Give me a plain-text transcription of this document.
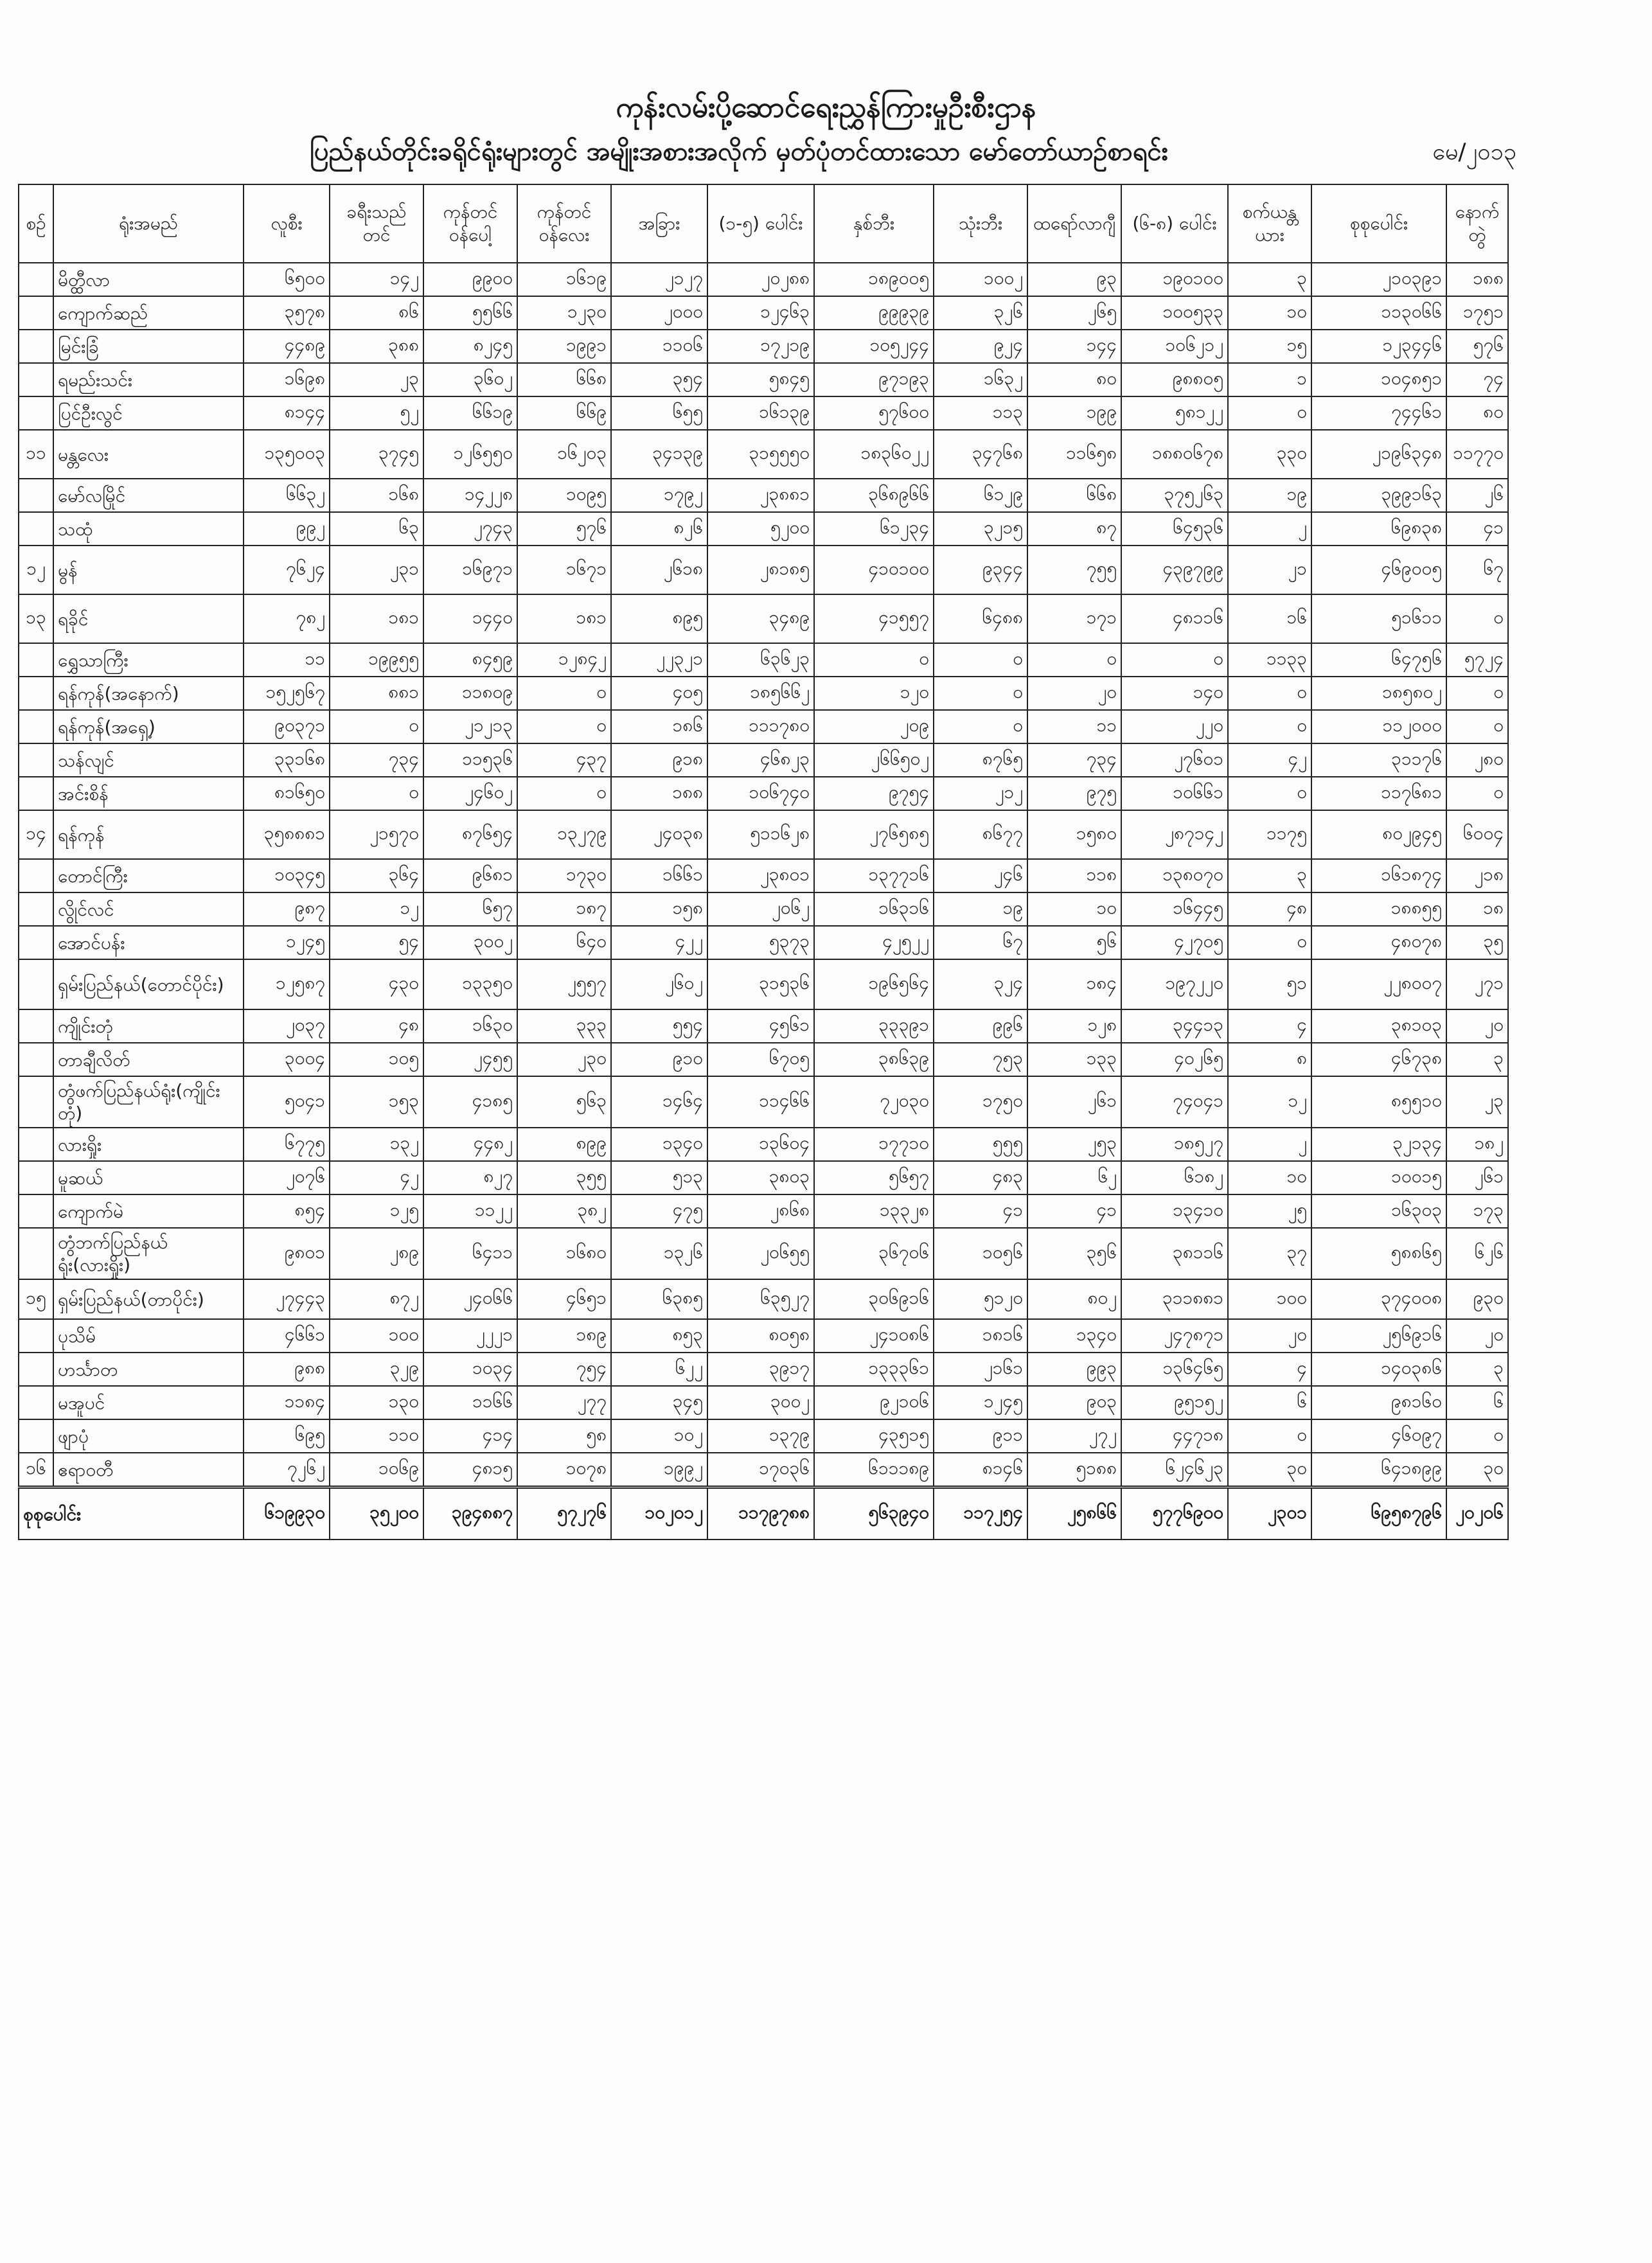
ကုန်းလမ်းပို့ဆောင်ရေးညွှန်ကြားမှုဦးစီးဌာန
ပြည်နယ်တိုင်းခရိုင်ရုံးများတွင် အမျိုးအစားအလိုက် မှတ်ပုံတင်ထားသော မော်တော်ယာဉ်စာရင်း	မေ/၂၀၁၃
စဉ်	ရုံးအမည်	လူစီး	ခရီးသည်တင်	ကုန်တင်ဝန်ပေါ့	ကုန်တင်ဝန်လေး	အခြား	(၁-၅) ပေါင်း	နှစ်ဘီး	သုံးဘီး	ထရော်လာဂျီ	(၆-၈) ပေါင်း	စက်ယန္တယား	စုစုပေါင်း	နောက်တွဲ
	မိတ္ထီလာ	၆၅၀၀	၁၄၂	၉၉၀၀	၁၆၁၉	၂၁၂၇	၂၀၂၈၈	၁၈၉၀၀၅	၁၀၀၂	၉၃	၁၉၀၁၀၀	၃	၂၁၀၃၉၁	၁၈၈
	ကျောက်ဆည်	၃၅၇၈	၈၆	၅၅၆၆	၁၂၃၀	၂၀၀၀	၁၂၄၆၃	၉၉၉၃၉	၃၂၆	၂၆၅	၁၀၀၅၃၃	၁၀	၁၁၃၀၆၆	၁၇၅၁
	မြင်းခြံ	၄၄၈၉	၃၈၈	၈၂၄၅	၁၉၉၁	၁၁၀၆	၁၇၂၁၉	၁၀၅၂၄၄	၉၂၄	၁၄၄	၁၀၆၂၁၂	၁၅	၁၂၃၄၄၆	၅၇၆
	ရမည်းသင်း	၁၆၉၈	၂၃	၃၆၀၂	၆၆၈	၃၅၄	၅၈၄၅	၉၇၁၉၃	၁၆၃၂	၈၀	၉၈၈၀၅	၁	၁၀၄၈၅၁	၇၄
	ပြင်ဦးလွင်	၈၁၄၄	၅၂	၆၆၁၉	၆၆၉	၆၅၅	၁၆၁၃၉	၅၇၆၀၀	၁၁၃	၁၉၉	၅၈၁၂၂	၀	၇၄၄၆၁	၈၀
၁၁	မန္တလေး	၁၃၅၀၀၃	၃၇၄၅	၁၂၆၅၅၀	၁၆၂၀၃	၃၄၁၃၉	၃၁၅၅၅၀	၁၈၃၆၀၂၂	၃၄၇၆၈	၁၁၆၅၈	၁၈၈၀၆၇၈	၃၃၀	၂၁၉၆၃၄၈	၁၁၇၇၀
	မော်လမြိုင်	၆၆၃၂	၁၆၈	၁၄၂၂၈	၁၀၉၅	၁၇၉၂	၂၃၈၈၁	၃၆၈၉၆၆	၆၁၂၉	၆၆၈	၃၇၅၂၆၃	၁၉	၃၉၉၁၆၃	၂၆
	သထုံ	၉၉၂	၆၃	၂၇၄၃	၅၇၆	၈၂၆	၅၂၀၀	၆၁၂၃၄	၃၂၁၅	၈၇	၆၄၅၃၆	၂	၆၉၈၃၈	၄၁
၁၂	မွန်	၇၆၂၄	၂၃၁	၁၆၉၇၁	၁၆၇၁	၂၆၁၈	၂၈၁၈၅	၄၁၀၁၀၀	၉၃၄၄	၇၅၅	၄၃၉၇၉၉	၂၁	၄၆၉၀၀၅	၆၇
၁၃	ရခိုင်	၇၈၂	၁၈၁	၁၄၄၀	၁၈၁	၈၉၅	၃၄၈၉	၄၁၅၅၇	၆၄၈၈	၁၇၁	၄၈၁၁၆	၁၆	၅၁၆၁၁	၀
	ရွှေသာကြီး	၁၁	၁၉၉၅၅	၈၄၅၉	၁၂၈၄၂	၂၂၃၂၁	၆၃၆၂၃	၀	၀	၀	၀	၁၁၃၃	၆၄၇၅၆	၅၇၂၄
	ရန်ကုန်(အနောက်)	၁၅၂၅၆၇	၈၈၁	၁၁၈၀၉	၀	၄၀၅	၁၈၅၆၆၂	၁၂၀	၀	၂၀	၁၄၀	၀	၁၈၅၈၀၂	၀
	ရန်ကုန်(အရှေ့)	၉၀၃၇၁	၀	၂၁၂၁၃	၀	၁၈၆	၁၁၁၇၈၀	၂၀၉	၀	၁၁	၂၂၀	၀	၁၁၂၀၀၀	၀
	သန်လျင်	၃၃၁၆၈	၇၃၄	၁၁၅၃၆	၄၃၇	၉၁၈	၄၆၈၂၃	၂၆၆၅၀၂	၈၇၆၅	၇၃၄	၂၇၆၀၁	၄၂	၃၁၁၇၆	၂၈၀
	အင်းစိန်	၈၁၆၅၀	၀	၂၄၆၀၂	၀	၁၈၈	၁၀၆၇၄၀	၉၇၅၄	၂၁၂	၉၇၅	၁၀၆၆၁	၀	၁၁၇၆၈၁	၀
၁၄	ရန်ကုန်	၃၅၈၈၈၁	၂၁၅၇၀	၈၇၆၅၄	၁၃၂၇၉	၂၄၀၃၈	၅၁၁၆၂၈	၂၇၆၅၈၅	၈၆၇၇	၁၅၈၀	၂၈၇၁၄၂	၁၁၇၅	၈၀၂၉၄၅	၆၀၀၄
	တောင်ကြီး	၁၀၃၄၅	၃၆၄	၉၆၈၁	၁၇၃၀	၁၆၆၁	၂၃၈၀၁	၁၃၇၇၁၆	၂၄၆	၁၁၈	၁၃၈၀၇၀	၃	၁၆၁၈၇၄	၂၁၈
	လွိုင်လင်	၉၈၇	၁၂	၆၅၇	၁၈၇	၁၅၈	၂၀၆၂	၁၆၃၁၆	၁၉	၁၀	၁၆၄၄၅	၄၈	၁၈၈၅၅	၁၈
	အောင်ပန်း	၁၂၄၅	၅၄	၃၀၀၂	၆၄၀	၄၂၂	၅၃၇၃	၄၂၅၂၂	၆၇	၅၆	၄၂၇၀၅	၀	၄၈၀၇၈	၃၅
	ရှမ်းပြည်နယ်(တောင်ပိုင်း)	၁၂၅၈၇	၄၃၀	၁၃၃၅၀	၂၅၅၇	၂၆၀၂	၃၁၅၃၆	၁၉၆၅၆၄	၃၂၄	၁၈၄	၁၉၇၂၂၀	၅၁	၂၂၈၀၀၇	၂၇၁
	ကျိုင်းတုံ	၂၀၃၇	၄၈	၁၆၃၀	၃၃၃	၅၅၄	၄၅၆၁	၃၃၃၉၁	၉၉၆	၁၂၈	၃၄၄၁၃	၄	၃၈၁၀၃	၂၀
	တာချီလိတ်	၃၀၀၄	၁၀၅	၂၄၅၅	၂၃၀	၉၁၀	၆၇၀၅	၃၈၆၃၉	၇၅၃	၁၃၃	၄၀၂၆၅	၈	၄၆၇၃၈	၃
	တွံဖက်ပြည်နယ်ရုံး(ကျိုင်းတုံ)	၅၀၄၁	၁၅၃	၄၁၈၅	၅၆၃	၁၄၆၄	၁၁၄၆၆	၇၂၀၃၀	၁၇၅၀	၂၆၁	၇၄၀၄၁	၁၂	၈၅၅၁၀	၂၃
	လားရှိုး	၆၇၇၅	၁၃၂	၄၄၈၂	၈၉၉	၁၃၄၀	၁၃၆၀၄	၁၇၇၁၀	၅၅၅	၂၅၃	၁၈၅၂၇	၂	၃၂၁၃၄	၁၈၂
	မူဆယ်	၂၀၇၆	၄၂	၈၂၇	၃၅၅	၅၁၃	၃၈၀၃	၅၆၅၇	၄၈၃	၆၂	၆၁၈၂	၁၀	၁၀၀၁၅	၂၆၁
	ကျောက်မဲ	၈၅၄	၁၂၅	၁၁၂၂	၃၈၂	၄၇၅	၂၈၆၈	၁၃၃၂၈	၄၁	၄၁	၁၃၄၁၀	၂၅	၁၆၃၀၃	၁၇၃
	တွံဘက်ပြည်နယ်ရုံး(လားရှိုး)	၉၈၀၁	၂၈၉	၆၄၁၁	၁၆၈၀	၁၃၂၆	၂၀၆၅၅	၃၆၇၀၆	၁၀၅၆	၃၅၆	၃၈၁၁၆	၃၇	၅၈၈၆၅	၆၂၆
၁၅	ရှမ်းပြည်နယ်(တာပိုင်း)	၂၇၄၄၃	၈၇၂	၂၄၀၆၆	၄၆၅၁	၆၃၈၅	၆၃၅၂၇	၃၀၆၉၁၆	၅၁၂၀	၈၀၂	၃၁၁၈၈၁	၁၀၀	၃၇၄၀၀၈	၉၃၀
	ပုသိမ်	၄၆၆၁	၁၀၀	၂၂၂၁	၁၈၉	၈၅၃	၈၀၅၈	၂၄၁၀၈၆	၁၈၁၆	၁၃၄၀	၂၄၇၈၇၁	၂၀	၂၅၆၉၁၆	၂၀
	ဟင်္သာတ	၉၈၈	၃၂၉	၁၀၃၄	၇၅၄	၆၂၂	၃၉၁၇	၁၃၃၃၆၁	၂၁၆၁	၉၉၃	၁၃၆၄၆၅	၄	၁၄၀၃၈၆	၃
	မအူပင်	၁၁၈၄	၁၃၀	၁၁၆၆	၂၇၇	၃၄၅	၃၀၀၂	၉၂၁၀၆	၁၂၄၅	၉၀၃	၉၅၁၅၂	၆	၉၈၁၆၀	၆
	ဖျာပုံ	၆၉၅	၁၁၀	၄၁၄	၅၈	၁၀၂	၁၃၇၉	၄၃၅၁၅	၉၁၁	၂၇၂	၄၄၇၁၈	၀	၄၆၀၉၇	၀
၁၆	ဧရာဝတီ	၇၂၆၂	၁၀၆၉	၄၈၁၅	၁၀၇၈	၁၉၉၂	၁၇၀၃၆	၆၁၁၁၈၉	၈၁၄၆	၅၁၈၈	၆၂၄၆၂၃	၃၀	၆၄၁၈၉၉	၃၀
စုစုပေါင်း		၆၁၉၉၃၀	၃၅၂၀၀	၃၉၄၈၈၇	၅၇၂၇၆	၁၀၂၀၁၂	၁၁၇၉၇၈၈	၅၆၃၉၄၀	၁၁၇၂၅၄	၂၅၈၆၆	၅၇၇၆၉၀၀	၂၃၀၁	၆၉၅၈၇၉၆	၂၀၂၀၆
